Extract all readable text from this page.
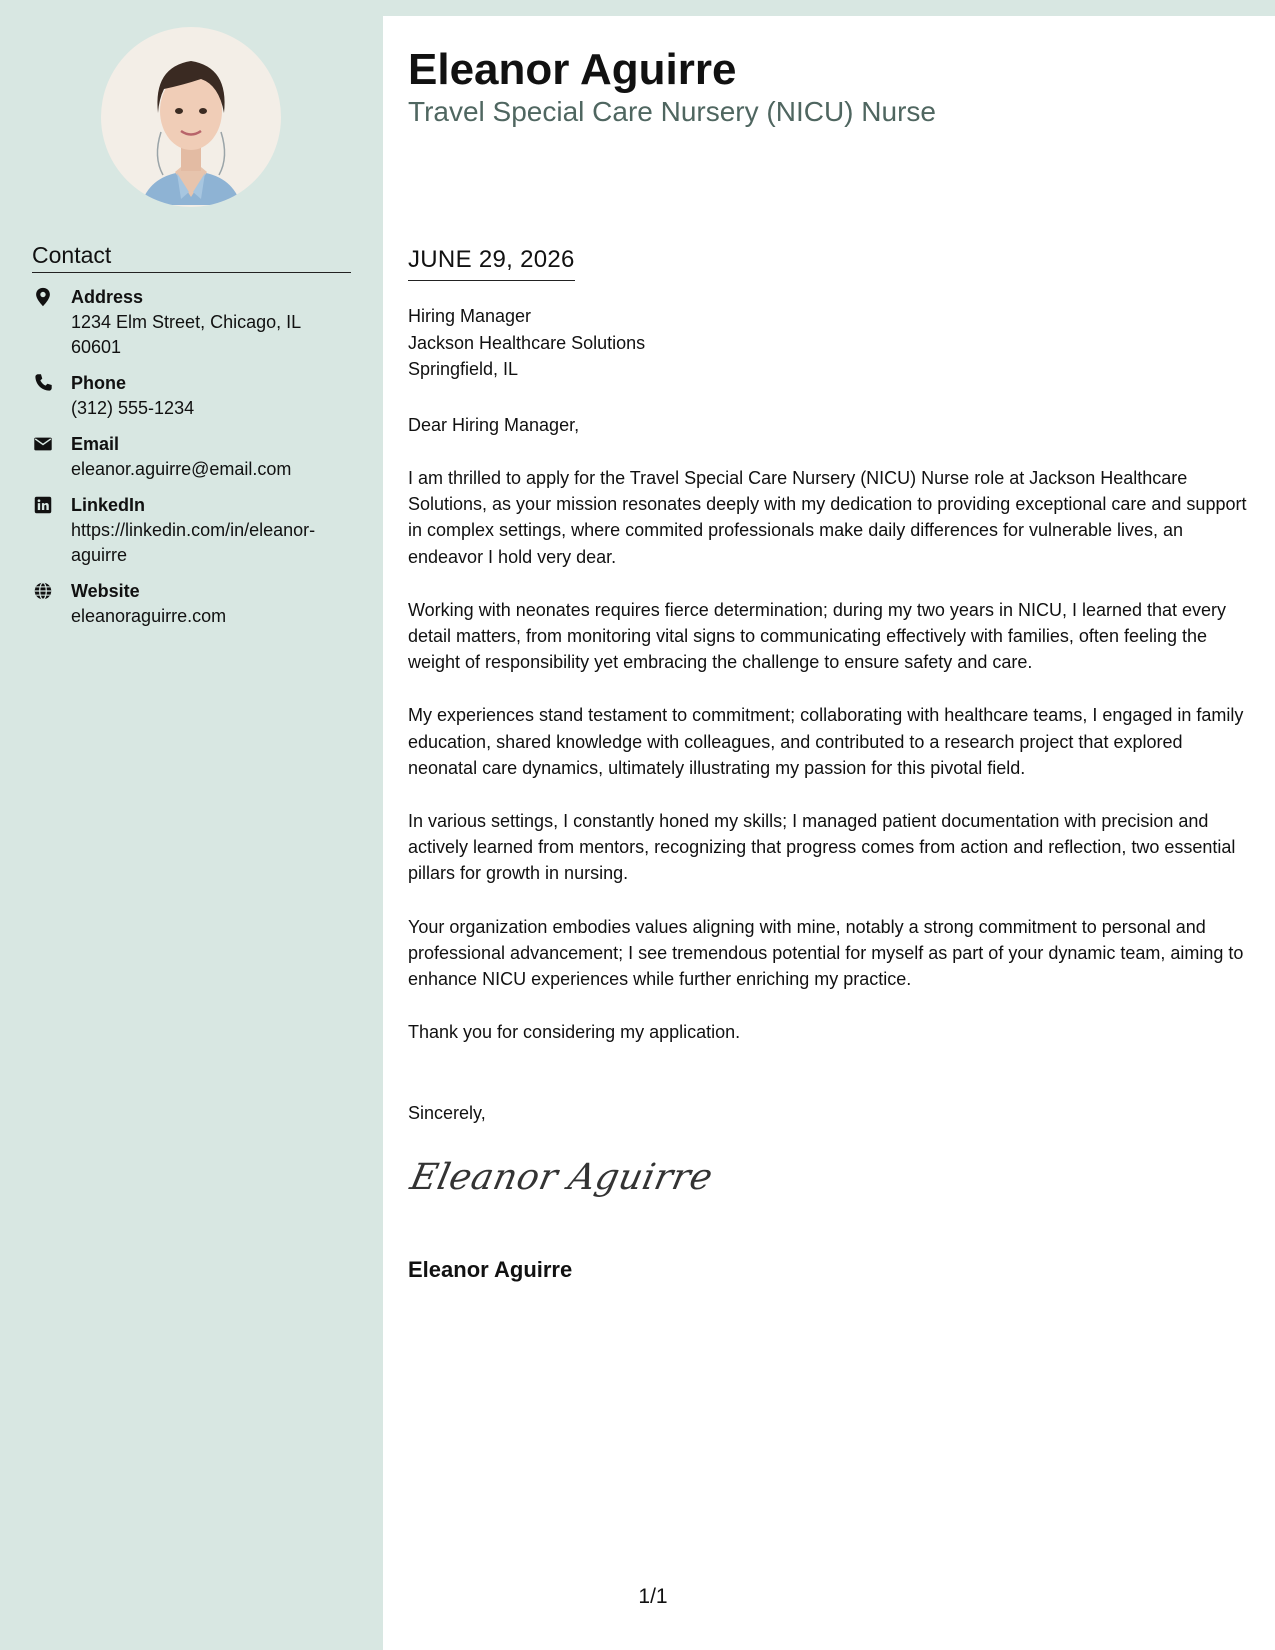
Contact
Address
1234 Elm Street, Chicago, IL 60601
Phone
(312) 555-1234
Email
eleanor.aguirre@email.com
LinkedIn
https://linkedin.com/in/eleanor-aguirre
Website
eleanoraguirre.com
Eleanor Aguirre
Travel Special Care Nursery (NICU) Nurse
JUNE 29, 2026
Hiring Manager
Jackson Healthcare Solutions
Springfield, IL
Dear Hiring Manager,

I am thrilled to apply for the Travel Special Care Nursery (NICU) Nurse role at Jackson Healthcare Solutions, as your mission resonates deeply with my dedication to providing exceptional care and support in complex settings, where commited professionals make daily differences for vulnerable lives, an endeavor I hold very dear.

Working with neonates requires fierce determination; during my two years in NICU, I learned that every detail matters, from monitoring vital signs to communicating effectively with families, often feeling the weight of responsibility yet embracing the challenge to ensure safety and care.

My experiences stand testament to commitment; collaborating with healthcare teams, I engaged in family education, shared knowledge with colleagues, and contributed to a research project that explored neonatal care dynamics, ultimately illustrating my passion for this pivotal field.

In various settings, I constantly honed my skills; I managed patient documentation with precision and actively learned from mentors, recognizing that progress comes from action and reflection, two essential pillars for growth in nursing.

Your organization embodies values aligning with mine, notably a strong commitment to personal and professional advancement; I see tremendous potential for myself as part of your dynamic team, aiming to enhance NICU experiences while further enriching my practice.

Thank you for considering my application.

Sincerely,
Eleanor Aguirre
Eleanor Aguirre
1/1
